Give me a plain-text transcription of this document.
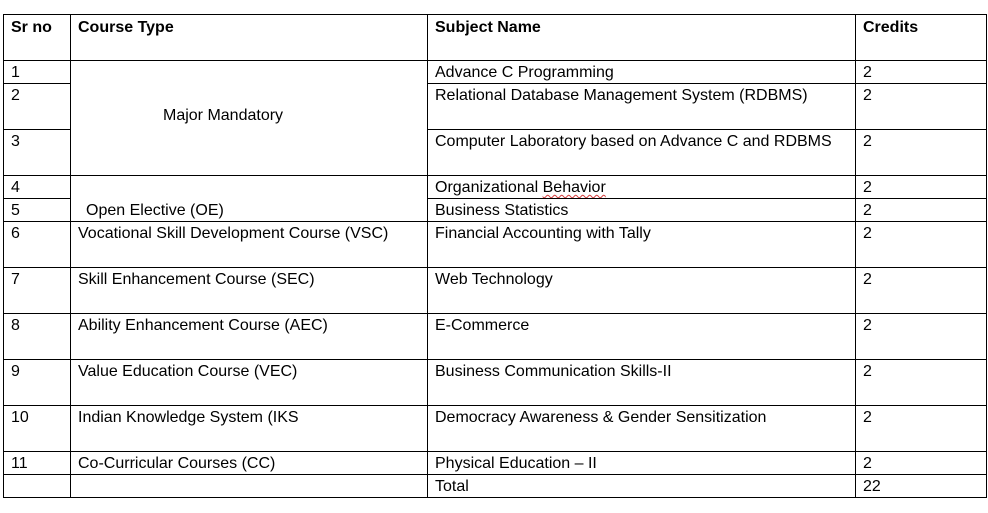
Sr no	Course Type	Subject Name	Credits
1	Major Mandatory	Advance C Programming	2
2		Relational Database Management System (RDBMS)	2
3		Computer Laboratory based on Advance C and RDBMS	2
4	Open Elective (OE)	Organizational Behavior	2
5		Business Statistics	2
6	Vocational Skill Development Course (VSC)	Financial Accounting with Tally	2
7	Skill Enhancement Course (SEC)	Web Technology	2
8	Ability Enhancement Course (AEC)	E-Commerce	2
9	Value Education Course (VEC)	Business Communication Skills-II	2
10	Indian Knowledge System (IKS	Democracy Awareness & Gender Sensitization	2
11	Co-Curricular Courses (CC)	Physical Education – II	2
		Total	22
